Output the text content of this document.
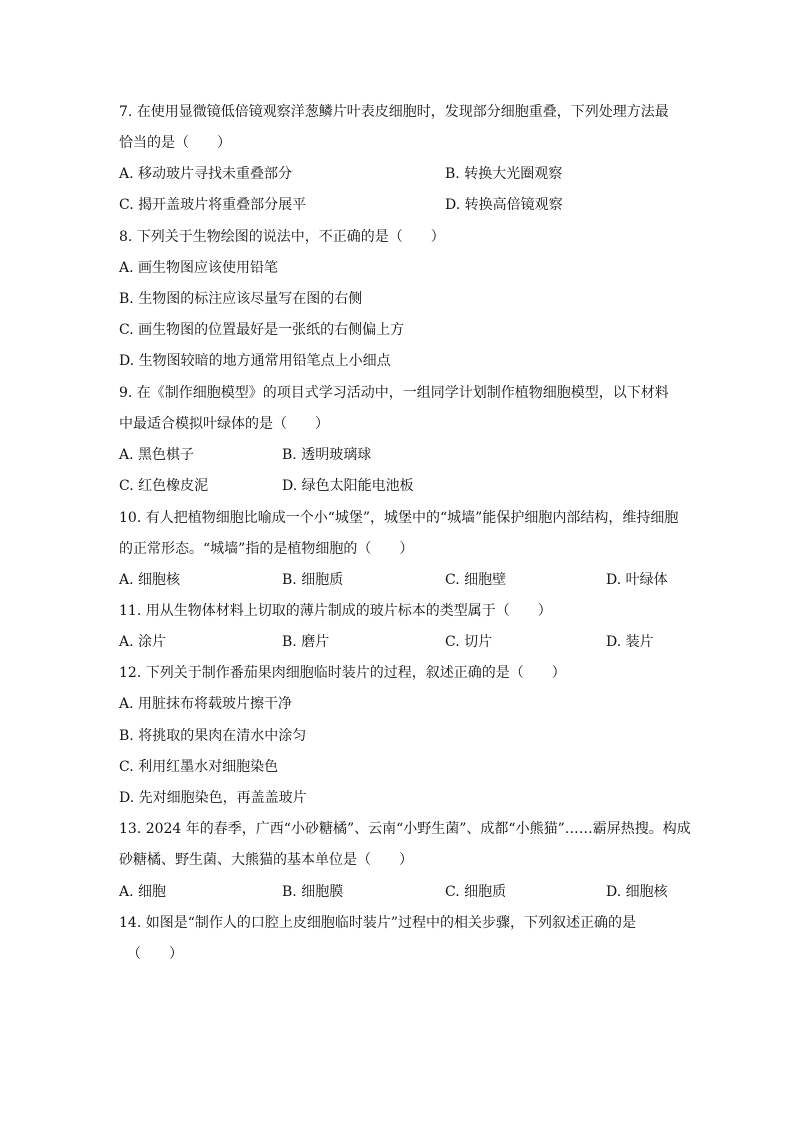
7. 在使用显微镜低倍镜观察洋葱鳞片叶表皮细胞时，发现部分细胞重叠，下列处理方法最
恰当的是（　　）
A. 移动玻片寻找未重叠部分	B. 转换大光圈观察
C. 揭开盖玻片将重叠部分展平	D. 转换高倍镜观察
8. 下列关于生物绘图的说法中，不正确的是（　　）
A. 画生物图应该使用铅笔
B. 生物图的标注应该尽量写在图的右侧
C. 画生物图的位置最好是一张纸的右侧偏上方
D. 生物图较暗的地方通常用铅笔点上小细点
9. 在《制作细胞模型》的项目式学习活动中，一组同学计划制作植物细胞模型，以下材料
中最适合模拟叶绿体的是（　　）
A. 黑色棋子	B. 透明玻璃球
C. 红色橡皮泥	D. 绿色太阳能电池板
10. 有人把植物细胞比喻成一个小“城堡”，城堡中的“城墙”能保护细胞内部结构，维持细胞
的正常形态。“城墙”指的是植物细胞的（　　）
A. 细胞核	B. 细胞质	C. 细胞壁	D. 叶绿体
11. 用从生物体材料上切取的薄片制成的玻片标本的类型属于（　　）
A. 涂片	B. 磨片	C. 切片	D. 装片
12. 下列关于制作番茄果肉细胞临时装片的过程，叙述正确的是（　　）
A. 用脏抹布将载玻片擦干净
B. 将挑取的果肉在清水中涂匀
C. 利用红墨水对细胞染色
D. 先对细胞染色，再盖盖玻片
13. 2024 年的春季，广西“小砂糖橘”、云南“小野生菌”、成都“小熊猫”……霸屏热搜。构成
砂糖橘、野生菌、大熊猫的基本单位是（　　）
A. 细胞	B. 细胞膜	C. 细胞质	D. 细胞核
14. 如图是“制作人的口腔上皮细胞临时装片”过程中的相关步骤，下列叙述正确的是
（　　）
